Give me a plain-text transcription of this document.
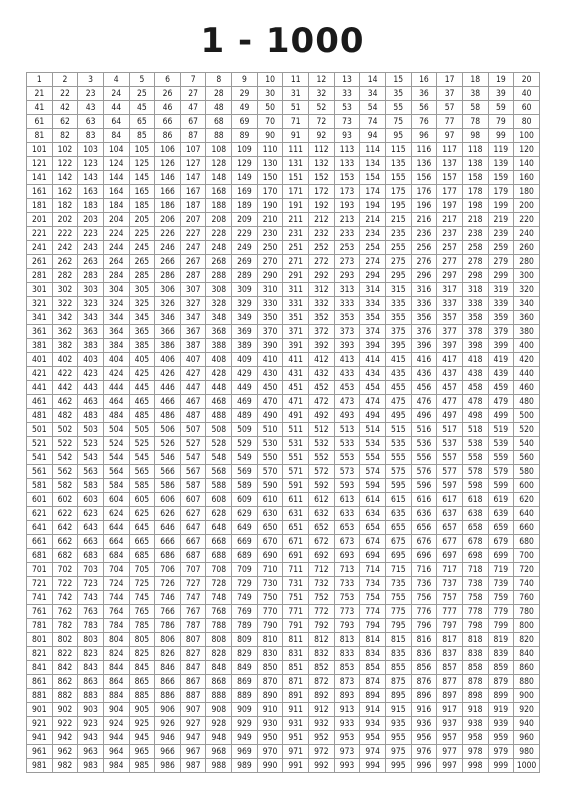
1 - 1000
1	2	3	4	5	6	7	8	9	10	11	12	13	14	15	16	17	18	19	20
21	22	23	24	25	26	27	28	29	30	31	32	33	34	35	36	37	38	39	40
41	42	43	44	45	46	47	48	49	50	51	52	53	54	55	56	57	58	59	60
61	62	63	64	65	66	67	68	69	70	71	72	73	74	75	76	77	78	79	80
81	82	83	84	85	86	87	88	89	90	91	92	93	94	95	96	97	98	99	100
101	102	103	104	105	106	107	108	109	110	111	112	113	114	115	116	117	118	119	120
121	122	123	124	125	126	127	128	129	130	131	132	133	134	135	136	137	138	139	140
141	142	143	144	145	146	147	148	149	150	151	152	153	154	155	156	157	158	159	160
161	162	163	164	165	166	167	168	169	170	171	172	173	174	175	176	177	178	179	180
181	182	183	184	185	186	187	188	189	190	191	192	193	194	195	196	197	198	199	200
201	202	203	204	205	206	207	208	209	210	211	212	213	214	215	216	217	218	219	220
221	222	223	224	225	226	227	228	229	230	231	232	233	234	235	236	237	238	239	240
241	242	243	244	245	246	247	248	249	250	251	252	253	254	255	256	257	258	259	260
261	262	263	264	265	266	267	268	269	270	271	272	273	274	275	276	277	278	279	280
281	282	283	284	285	286	287	288	289	290	291	292	293	294	295	296	297	298	299	300
301	302	303	304	305	306	307	308	309	310	311	312	313	314	315	316	317	318	319	320
321	322	323	324	325	326	327	328	329	330	331	332	333	334	335	336	337	338	339	340
341	342	343	344	345	346	347	348	349	350	351	352	353	354	355	356	357	358	359	360
361	362	363	364	365	366	367	368	369	370	371	372	373	374	375	376	377	378	379	380
381	382	383	384	385	386	387	388	389	390	391	392	393	394	395	396	397	398	399	400
401	402	403	404	405	406	407	408	409	410	411	412	413	414	415	416	417	418	419	420
421	422	423	424	425	426	427	428	429	430	431	432	433	434	435	436	437	438	439	440
441	442	443	444	445	446	447	448	449	450	451	452	453	454	455	456	457	458	459	460
461	462	463	464	465	466	467	468	469	470	471	472	473	474	475	476	477	478	479	480
481	482	483	484	485	486	487	488	489	490	491	492	493	494	495	496	497	498	499	500
501	502	503	504	505	506	507	508	509	510	511	512	513	514	515	516	517	518	519	520
521	522	523	524	525	526	527	528	529	530	531	532	533	534	535	536	537	538	539	540
541	542	543	544	545	546	547	548	549	550	551	552	553	554	555	556	557	558	559	560
561	562	563	564	565	566	567	568	569	570	571	572	573	574	575	576	577	578	579	580
581	582	583	584	585	586	587	588	589	590	591	592	593	594	595	596	597	598	599	600
601	602	603	604	605	606	607	608	609	610	611	612	613	614	615	616	617	618	619	620
621	622	623	624	625	626	627	628	629	630	631	632	633	634	635	636	637	638	639	640
641	642	643	644	645	646	647	648	649	650	651	652	653	654	655	656	657	658	659	660
661	662	663	664	665	666	667	668	669	670	671	672	673	674	675	676	677	678	679	680
681	682	683	684	685	686	687	688	689	690	691	692	693	694	695	696	697	698	699	700
701	702	703	704	705	706	707	708	709	710	711	712	713	714	715	716	717	718	719	720
721	722	723	724	725	726	727	728	729	730	731	732	733	734	735	736	737	738	739	740
741	742	743	744	745	746	747	748	749	750	751	752	753	754	755	756	757	758	759	760
761	762	763	764	765	766	767	768	769	770	771	772	773	774	775	776	777	778	779	780
781	782	783	784	785	786	787	788	789	790	791	792	793	794	795	796	797	798	799	800
801	802	803	804	805	806	807	808	809	810	811	812	813	814	815	816	817	818	819	820
821	822	823	824	825	826	827	828	829	830	831	832	833	834	835	836	837	838	839	840
841	842	843	844	845	846	847	848	849	850	851	852	853	854	855	856	857	858	859	860
861	862	863	864	865	866	867	868	869	870	871	872	873	874	875	876	877	878	879	880
881	882	883	884	885	886	887	888	889	890	891	892	893	894	895	896	897	898	899	900
901	902	903	904	905	906	907	908	909	910	911	912	913	914	915	916	917	918	919	920
921	922	923	924	925	926	927	928	929	930	931	932	933	934	935	936	937	938	939	940
941	942	943	944	945	946	947	948	949	950	951	952	953	954	955	956	957	958	959	960
961	962	963	964	965	966	967	968	969	970	971	972	973	974	975	976	977	978	979	980
981	982	983	984	985	986	987	988	989	990	991	992	993	994	995	996	997	998	999	1000
